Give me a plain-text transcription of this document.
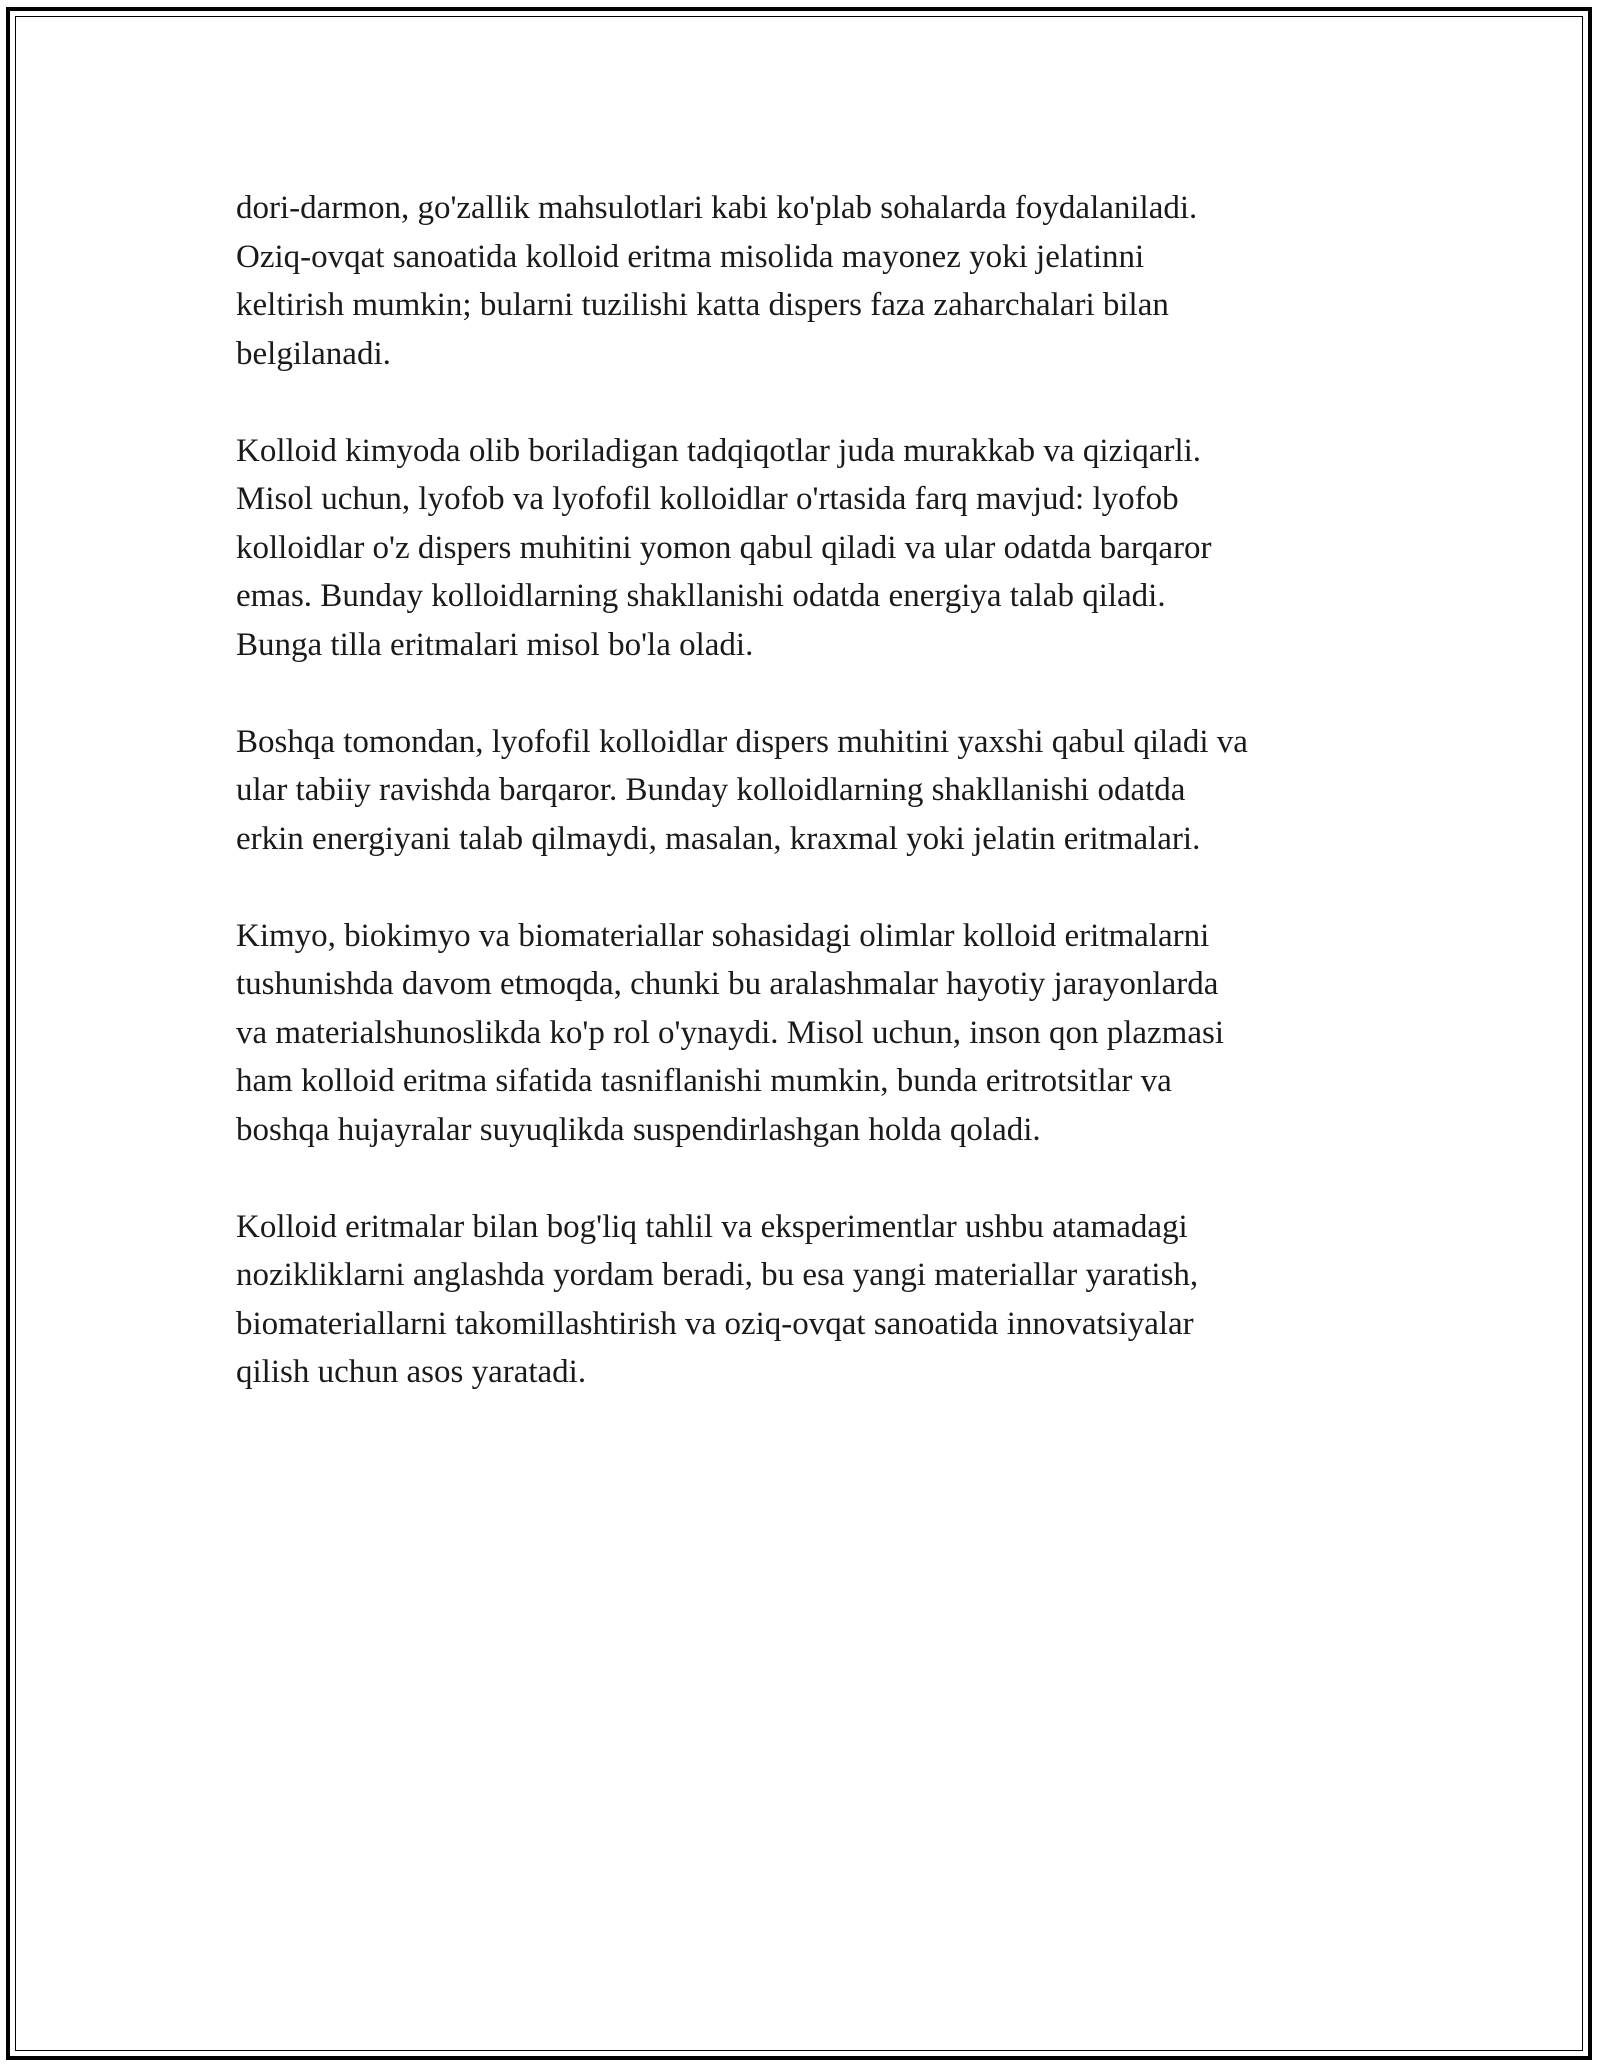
dori-darmon, go'zallik mahsulotlari kabi ko'plab sohalarda foydalaniladi.
Oziq-ovqat sanoatida kolloid eritma misolida mayonez yoki jelatinni
keltirish mumkin; bularni tuzilishi katta dispers faza zaharchalari bilan
belgilanadi.

Kolloid kimyoda olib boriladigan tadqiqotlar juda murakkab va qiziqarli.
Misol uchun, lyofob va lyofofil kolloidlar o'rtasida farq mavjud: lyofob
kolloidlar o'z dispers muhitini yomon qabul qiladi va ular odatda barqaror
emas. Bunday kolloidlarning shakllanishi odatda energiya talab qiladi.
Bunga tilla eritmalari misol bo'la oladi.

Boshqa tomondan, lyofofil kolloidlar dispers muhitini yaxshi qabul qiladi va
ular tabiiy ravishda barqaror. Bunday kolloidlarning shakllanishi odatda
erkin energiyani talab qilmaydi, masalan, kraxmal yoki jelatin eritmalari.

Kimyo, biokimyo va biomateriallar sohasidagi olimlar kolloid eritmalarni
tushunishda davom etmoqda, chunki bu aralashmalar hayotiy jarayonlarda
va materialshunoslikda ko'p rol o'ynaydi. Misol uchun, inson qon plazmasi
ham kolloid eritma sifatida tasniflanishi mumkin, bunda eritrotsitlar va
boshqa hujayralar suyuqlikda suspendirlashgan holda qoladi.

Kolloid eritmalar bilan bog'liq tahlil va eksperimentlar ushbu atamadagi
nozikliklarni anglashda yordam beradi, bu esa yangi materiallar yaratish,
biomateriallarni takomillashtirish va oziq-ovqat sanoatida innovatsiyalar
qilish uchun asos yaratadi.
